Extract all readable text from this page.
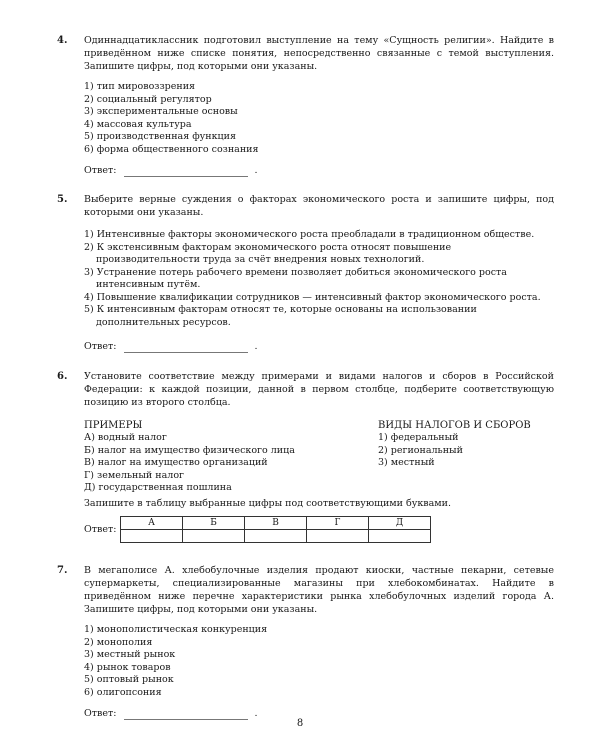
4. Одиннадцатиклассник подготовил выступление на тему «Сущность религии». Найдите в приведённом ниже списке понятия, непосредственно связанные с темой выступления. Запишите цифры, под которыми они указаны.
1) тип мировоззрения
2) социальный регулятор
3) экспериментальные основы
4) массовая культура
5) производственная функция
6) форма общественного сознания
Ответ:	.
5. Выберите верные суждения о факторах экономического роста и запишите цифры, под которыми они указаны.
1) Интенсивные факторы экономического роста преобладали в традиционном обществе.
2) К экстенсивным факторам экономического роста относят повышение производительности труда за счёт внедрения новых технологий.
3) Устранение потерь рабочего времени позволяет добиться экономического роста интенсивным путём.
4) Повышение квалификации сотрудников — интенсивный фактор экономического роста.
5) К интенсивным факторам относят те, которые основаны на использовании дополнительных ресурсов.
Ответ:	.
6. Установите соответствие между примерами и видами налогов и сборов в Российской Федерации: к каждой позиции, данной в первом столбце, подберите соответствующую позицию из второго столбца.
ПРИМЕРЫ
А) водный налог
Б) налог на имущество физического лица
В) налог на имущество организаций
Г) земельный налог
Д) государственная пошлина
ВИДЫ НАЛОГОВ И СБОРОВ
1) федеральный
2) региональный
3) местный
Запишите в таблицу выбранные цифры под соответствующими буквами.
Ответ:
А	Б	В	Г	Д

7. В мегаполисе А. хлебобулочные изделия продают киоски, частные пекарни, сетевые супермаркеты, специализированные магазины при хлебокомбинатах. Найдите в приведённом ниже перечне характеристики рынка хлебобулочных изделий города А. Запишите цифры, под которыми они указаны.
1) монополистическая конкуренция
2) монополия
3) местный рынок
4) рынок товаров
5) оптовый рынок
6) олигопсония
Ответ:	.
8
